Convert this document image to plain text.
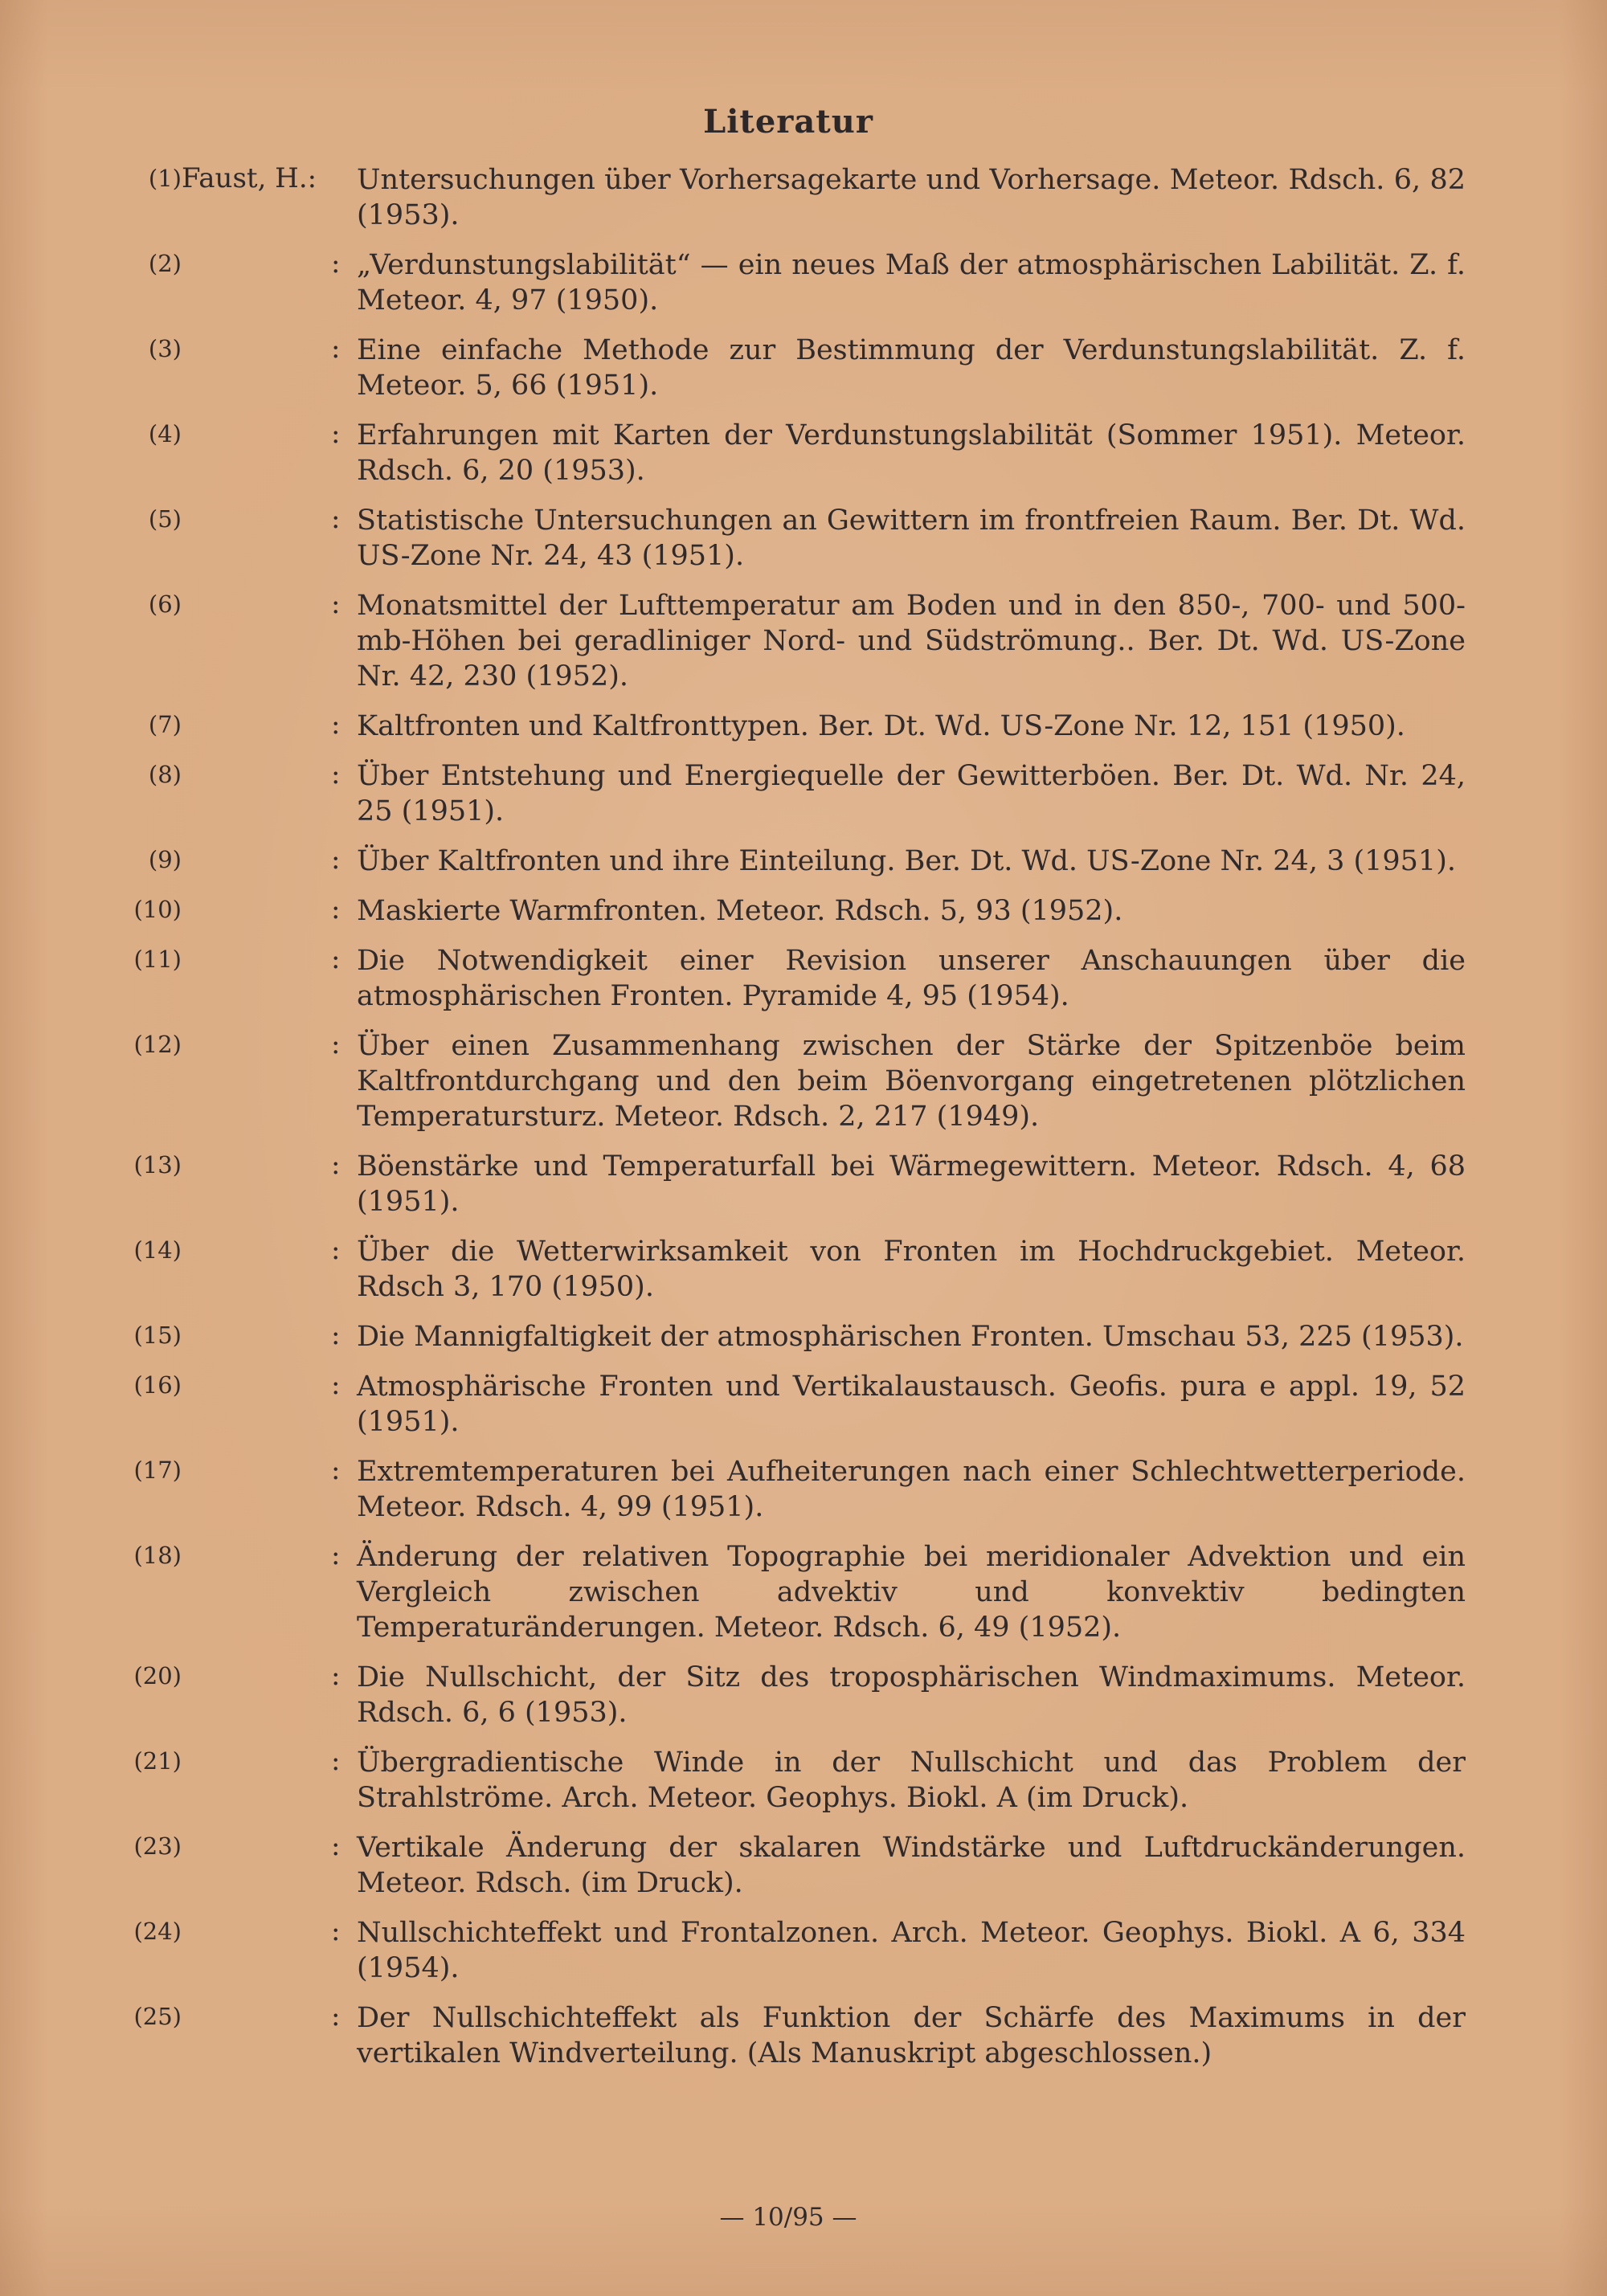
Literatur
(1) Faust, H.: Untersuchungen über Vorhersagekarte und Vorhersage. Meteor. Rdsch. 6, 82 (1953).
(2)	: „Verdunstungslabilität“ — ein neues Maß der atmosphärischen Labilität. Z. f. Meteor. 4, 97 (1950).
(3)	: Eine einfache Methode zur Bestimmung der Verdunstungslabilität. Z. f. Meteor. 5, 66 (1951).
(4)	: Erfahrungen mit Karten der Verdunstungslabilität (Sommer 1951). Meteor. Rdsch. 6, 20 (1953).
(5)	: Statistische Untersuchungen an Gewittern im frontfreien Raum. Ber. Dt. Wd. US-Zone Nr. 24, 43 (1951).
(6)	: Monatsmittel der Lufttemperatur am Boden und in den 850-, 700- und 500-mb-Höhen bei geradliniger Nord- und Südströmung.. Ber. Dt. Wd. US-Zone Nr. 42, 230 (1952).
(7)	: Kaltfronten und Kaltfronttypen. Ber. Dt. Wd. US-Zone Nr. 12, 151 (1950).
(8)	: Über Entstehung und Energiequelle der Gewitterböen. Ber. Dt. Wd. Nr. 24, 25 (1951).
(9)	: Über Kaltfronten und ihre Einteilung. Ber. Dt. Wd. US-Zone Nr. 24, 3 (1951).
(10)	: Maskierte Warmfronten. Meteor. Rdsch. 5, 93 (1952).
(11)	: Die Notwendigkeit einer Revision unserer Anschauungen über die atmosphärischen Fronten. Pyramide 4, 95 (1954).
(12)	: Über einen Zusammenhang zwischen der Stärke der Spitzenböe beim Kaltfrontdurchgang und den beim Böenvorgang eingetretenen plötzlichen Temperatursturz. Meteor. Rdsch. 2, 217 (1949).
(13)	: Böenstärke und Temperaturfall bei Wärmegewittern. Meteor. Rdsch. 4, 68 (1951).
(14)	: Über die Wetterwirksamkeit von Fronten im Hochdruckgebiet. Meteor. Rdsch 3, 170 (1950).
(15)	: Die Mannigfaltigkeit der atmosphärischen Fronten. Umschau 53, 225 (1953).
(16)	: Atmosphärische Fronten und Vertikalaustausch. Geofis. pura e appl. 19, 52 (1951).
(17)	: Extremtemperaturen bei Aufheiterungen nach einer Schlechtwetterperiode. Meteor. Rdsch. 4, 99 (1951).
(18)	: Änderung der relativen Topographie bei meridionaler Advektion und ein Vergleich zwischen advektiv und konvektiv bedingten Temperaturänderungen. Meteor. Rdsch. 6, 49 (1952).
(20)	: Die Nullschicht, der Sitz des troposphärischen Windmaximums. Meteor. Rdsch. 6, 6 (1953).
(21)	: Übergradientische Winde in der Nullschicht und das Problem der Strahlströme. Arch. Meteor. Geophys. Biokl. A (im Druck).
(23)	: Vertikale Änderung der skalaren Windstärke und Luftdruckänderungen. Meteor. Rdsch. (im Druck).
(24)	: Nullschichteffekt und Frontalzonen. Arch. Meteor. Geophys. Biokl. A 6, 334 (1954).
(25)	: Der Nullschichteffekt als Funktion der Schärfe des Maximums in der vertikalen Windverteilung. (Als Manuskript abgeschlossen.)
— 10/95 —
